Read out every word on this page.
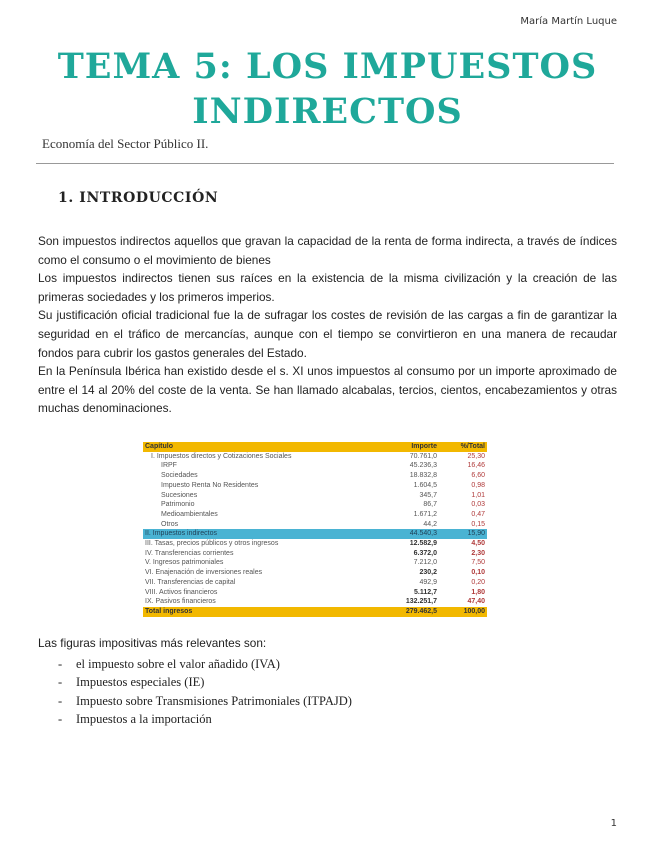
María Martín Luque
TEMA 5: LOS IMPUESTOS INDIRECTOS
Economía del Sector Público II.
1. INTRODUCCIÓN

Son impuestos indirectos aquellos que gravan la capacidad de la renta de forma indirecta, a través de índices como el consumo o el movimiento de bienes

Los impuestos indirectos tienen sus raíces en la existencia de la misma civilización y la creación de las primeras sociedades y los primeros imperios.

Su justificación oficial tradicional fue la de sufragar los costes de revisión de las cargas a fin de garantizar la seguridad en el tráfico de mercancías, aunque con el tiempo se convirtieron en una manera de recaudar fondos para cubrir los gastos generales del Estado.

En la Península Ibérica han existido desde el s. XI unos impuestos al consumo por un importe aproximado de entre el 14 al 20% del coste de la venta. Se han llamado alcabalas, tercios, cientos, encabezamientos y otras muchas denominaciones.

Capítulo	Importe	%/Total
I. Impuestos directos y Cotizaciones Sociales	70.761,0	25,30
IRPF	45.236,3	16,46
Sociedades	18.832,8	6,60
Impuesto Renta No Residentes	1.604,5	0,98
Sucesiones	345,7	1,01
Patrimonio	86,7	0,03
Medioambientales	1.671,2	0,47
Otros	44,2	0,15
II. Impuestos indirectos	44.540,3	15,90
III. Tasas, precios públicos y otros ingresos	12.582,9	4,50
IV. Transferencias corrientes	6.372,0	2,30
V. Ingresos patrimoniales	7.212,0	7,50
VI. Enajenación de inversiones reales	230,2	0,10
VII. Transferencias de capital	492,9	0,20
VIII. Activos financieros	5.112,7	1,80
IX. Pasivos financieros	132.251,7	47,40
Total ingresos	279.462,5	100,00
Las figuras impositivas más relevantes son:
- el impuesto sobre el valor añadido (IVA)
- Impuestos especiales (IE)
- Impuesto sobre Transmisiones Patrimoniales (ITPAJD)
- Impuestos a la importación
1
